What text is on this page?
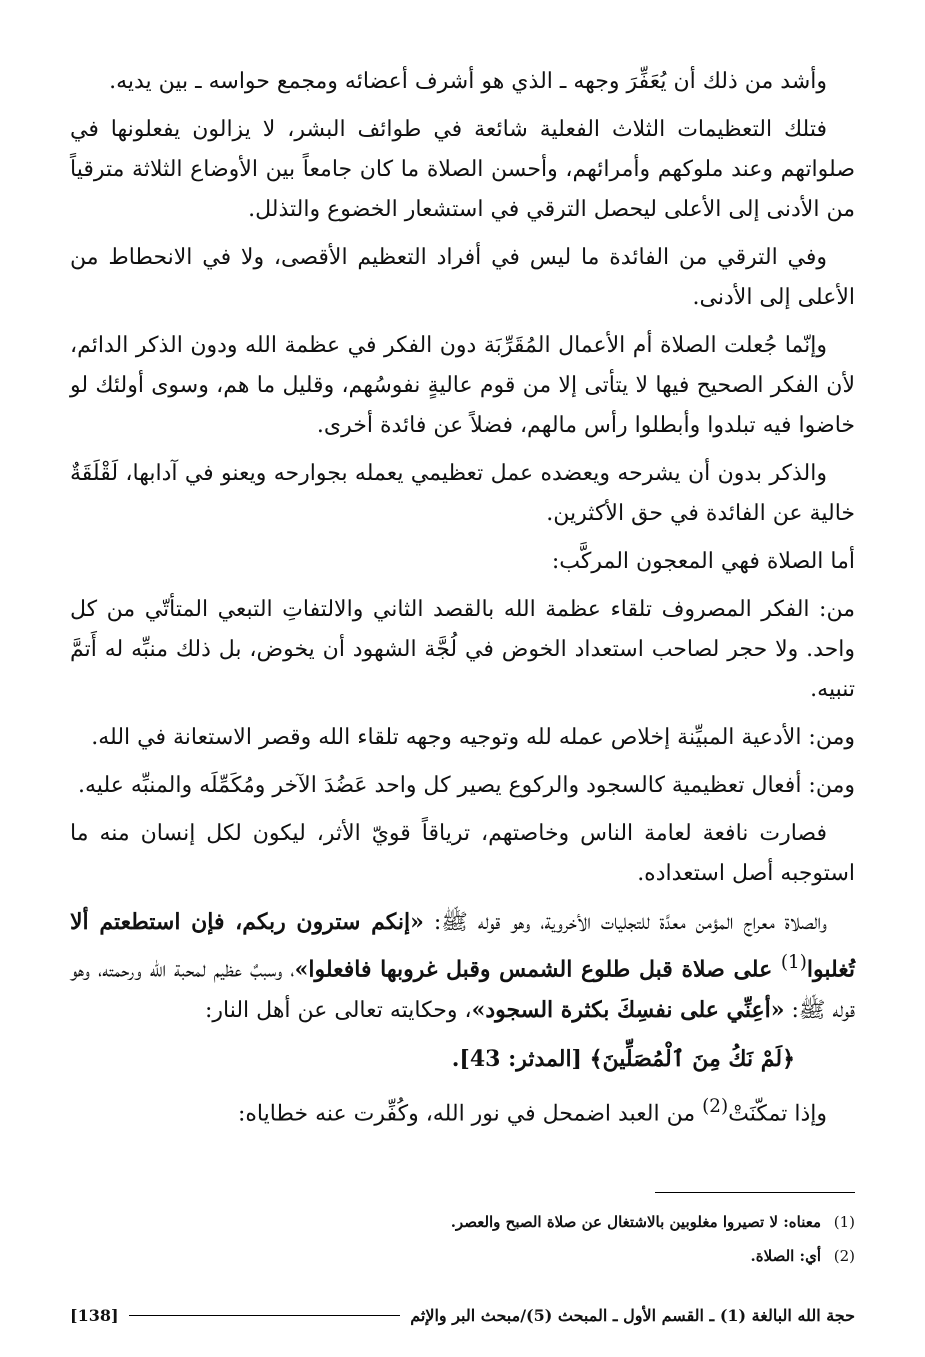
وأشد من ذلك أن يُعَفِّرَ وجهه ـ الذي هو أشرف أعضائه ومجمع حواسه ـ بين يديه.

فتلك التعظيمات الثلاث الفعلية شائعة في طوائف البشر، لا يزالون يفعلونها في صلواتهم وعند ملوكهم وأمرائهم، وأحسن الصلاة ما كان جامعاً بين الأوضاع الثلاثة مترقياً من الأدنى إلى الأعلى ليحصل الترقي في استشعار الخضوع والتذلل.

وفي الترقي من الفائدة ما ليس في أفراد التعظيم الأقصى، ولا في الانحطاط من الأعلى إلى الأدنى.

وإنّما جُعلت الصلاة أم الأعمال المُقَرِّبَة دون الفكر في عظمة الله ودون الذكر الدائم، لأن الفكر الصحيح فيها لا يتأتى إلا من قوم عاليةٍ نفوسُهم، وقليل ما هم، وسوى أولئك لو خاضوا فيه تبلدوا وأبطلوا رأس مالهم، فضلاً عن فائدة أخرى.

والذكر بدون أن يشرحه ويعضده عمل تعظيمي يعمله بجوارحه ويعنو في آدابها، لَقْلَقَةٌ خالية عن الفائدة في حق الأكثرين.

أما الصلاة فهي المعجون المركَّب:

من: الفكر المصروف تلقاء عظمة الله بالقصد الثاني والالتفاتِ التبعي المتأتّي من كل واحد. ولا حجر لصاحب استعداد الخوض في لُجَّة الشهود أن يخوض، بل ذلك منبِّه له أَتمَّ تنبيه.

ومن: الأدعية المبيِّنة إخلاص عمله لله وتوجيه وجهه تلقاء الله وقصر الاستعانة في الله.

ومن: أفعال تعظيمية كالسجود والركوع يصير كل واحد عَضُدَ الآخر ومُكَمِّلَه والمنبِّه عليه.

فصارت نافعة لعامة الناس وخاصتهم، ترياقاً قويّ الأثر، ليكون لكل إنسان منه ما استوجبه أصل استعداده.

والصلاة معراج المؤمن معدَّة للتجليات الأخروية، وهو قوله ﷺ: «إنكم سترون ربكم، فإن استطعتم ألا تُغلبوا$^{(1)}$ على صلاة قبل طلوع الشمس وقبل غروبها فافعلوا»، وسببٌ عظيم لمحبة الله ورحمته، وهو قوله ﷺ: «أعِنِّي على نفسِكَ بكثرة السجود»، وحكايته تعالى عن أهل النار:

﴿لَمْ نَكُ مِنَ ٱلْمُصَلِّينَ﴾ [المدثر: 43].

وإذا تمكّنَتْ$^{(2)}$ من العبد اضمحل في نور الله، وكُفِّرت عنه خطاياه:

(1)معناه: لا تصيروا مغلوبين بالاشتغال عن صلاة الصبح والعصر.
(2)أي: الصلاة.
حجة الله البالغة (1) ـ القسم الأول ـ المبحث (5)/مبحث البر والإثم
[138]
